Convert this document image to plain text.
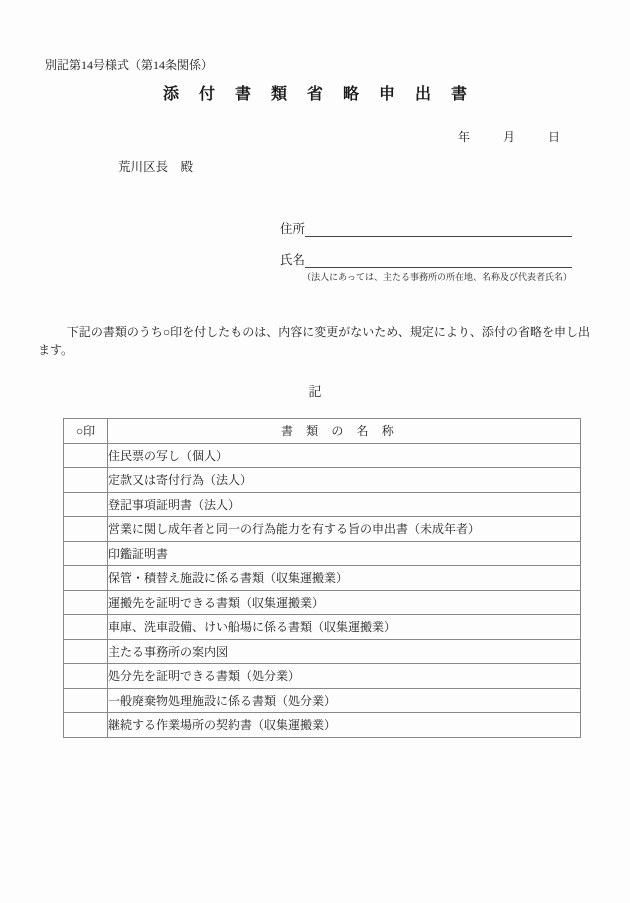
別記第14号様式（第14条関係）
添付書類省略申出書
年	月	日
荒川区長　殿
住所
氏名
（法人にあっては、主たる事務所の所在地、名称及び代表者氏名）
下記の書類のうち○印を付したものは、内容に変更がないため、規定により、添付の省略を申し出ます。
記
○印	書類の名称
	住民票の写し（個人）
	定款又は寄付行為（法人）
	登記事項証明書（法人）
	営業に関し成年者と同一の行為能力を有する旨の申出書（未成年者）
	印鑑証明書
	保管・積替え施設に係る書類（収集運搬業）
	運搬先を証明できる書類（収集運搬業）
	車庫、洗車設備、けい船場に係る書類（収集運搬業）
	主たる事務所の案内図
	処分先を証明できる書類（処分業）
	一般廃棄物処理施設に係る書類（処分業）
	継続する作業場所の契約書（収集運搬業）
